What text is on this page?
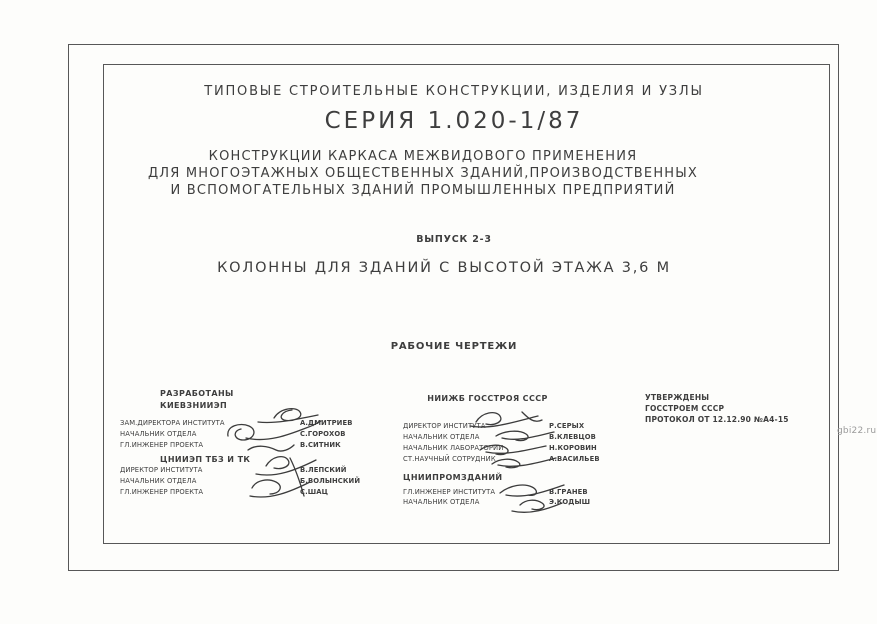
ТИПОВЫЕ СТРОИТЕЛЬНЫЕ КОНСТРУКЦИИ, ИЗДЕЛИЯ И УЗЛЫ
СЕРИЯ 1.020-1/87
КОНСТРУКЦИИ КАРКАСА МЕЖВИДОВОГО ПРИМЕНЕНИЯ
ДЛЯ МНОГОЭТАЖНЫХ ОБЩЕСТВЕННЫХ ЗДАНИЙ,ПРОИЗВОДСТВЕННЫХ
И ВСПОМОГАТЕЛЬНЫХ ЗДАНИЙ ПРОМЫШЛЕННЫХ ПРЕДПРИЯТИЙ
ВЫПУСК 2-3
КОЛОННЫ ДЛЯ ЗДАНИЙ С ВЫСОТОЙ ЭТАЖА 3,6 М
РАБОЧИЕ ЧЕРТЕЖИ
РАЗРАБОТАНЫ
КИЕВЗНИИЭП
ЗАМ.ДИРЕКТОРА ИНСТИТУТА	А.ДМИТРИЕВ
НАЧАЛЬНИК ОТДЕЛА	С.ГОРОХОВ
ГЛ.ИНЖЕНЕР ПРОЕКТА	В.СИТНИК
ЦНИИЭП ТБЗ И ТК
ДИРЕКТОР ИНСТИТУТА	В.ЛЕПСКИЙ
НАЧАЛЬНИК ОТДЕЛА	Б.ВОЛЫНСКИЙ
ГЛ.ИНЖЕНЕР ПРОЕКТА	С.ШАЦ
НИИЖБ ГОССТРОЯ СССР
ДИРЕКТОР ИНСТИТУТА	Р.СЕРЫХ
НАЧАЛЬНИК ОТДЕЛА	В.КЛЕВЦОВ
НАЧАЛЬНИК ЛАБОРАТОРИИ	Н.КОРОВИН
СТ.НАУЧНЫЙ СОТРУДНИК	А.ВАСИЛЬЕВ
ЦНИИПРОМЗДАНИЙ
ГЛ.ИНЖЕНЕР ИНСТИТУТА	В.ГРАНЕВ
НАЧАЛЬНИК ОТДЕЛА	Э.КОДЫШ
УТВЕРЖДЕНЫ
ГОССТРОЕМ СССР
ПРОТОКОЛ ОТ 12.12.90 №А4-15
gbi22.ru
